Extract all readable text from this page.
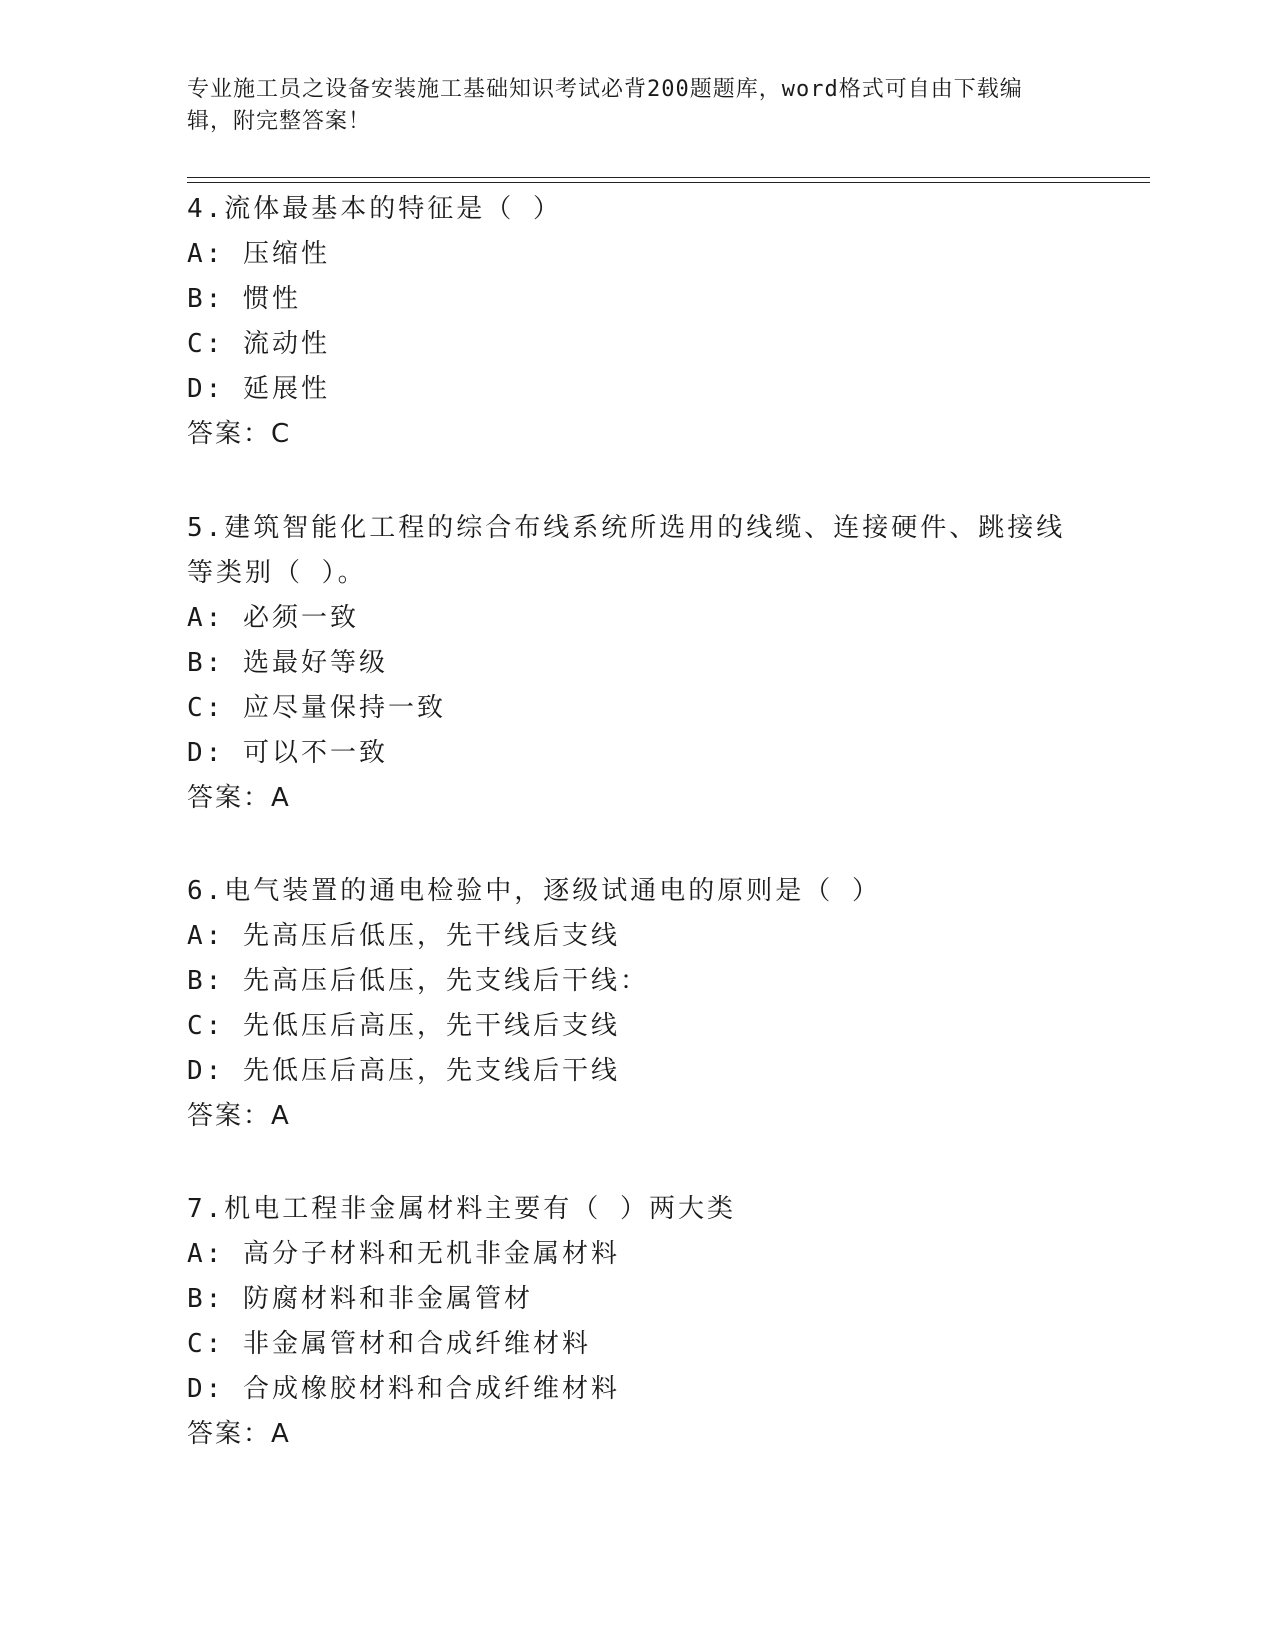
专业施工员之设备安装施工基础知识考试必背200题题库，word格式可自由下载编辑，附完整答案！
4.流体最基本的特征是（ ）
A: 压缩性
B: 惯性
C: 流动性
D: 延展性
答案：C
5.建筑智能化工程的综合布线系统所选用的线缆、连接硬件、跳接线等类别（ ）。
A: 必须一致
B: 选最好等级
C: 应尽量保持一致
D: 可以不一致
答案：A
6.电气装置的通电检验中，逐级试通电的原则是（ ）
A: 先高压后低压，先干线后支线
B: 先高压后低压，先支线后干线：
C: 先低压后高压，先干线后支线
D: 先低压后高压，先支线后干线
答案：A
7.机电工程非金属材料主要有（ ）两大类
A: 高分子材料和无机非金属材料
B: 防腐材料和非金属管材
C: 非金属管材和合成纤维材料
D: 合成橡胶材料和合成纤维材料
答案：A
